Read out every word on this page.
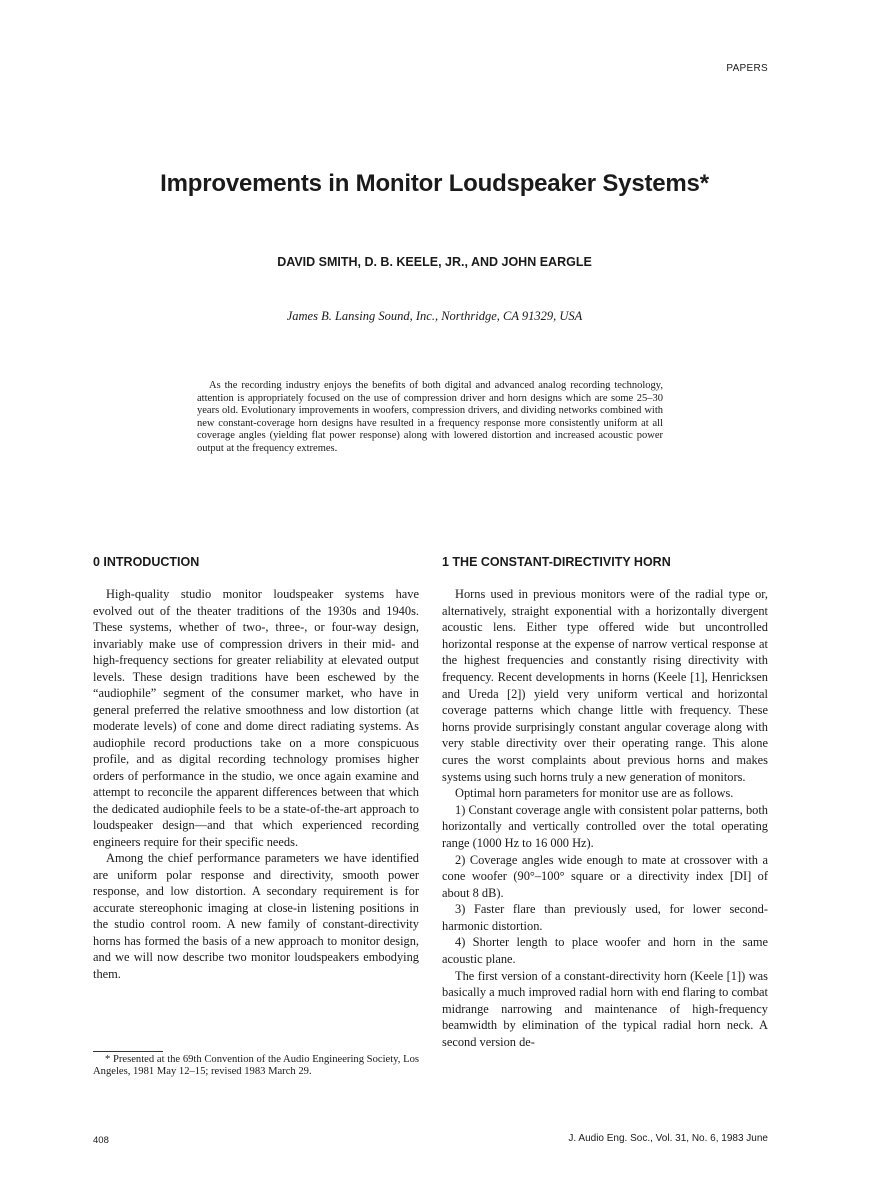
PAPERS
Improvements in Monitor Loudspeaker Systems*
DAVID SMITH, D. B. KEELE, JR., AND JOHN EARGLE
James B. Lansing Sound, Inc., Northridge, CA 91329, USA

As the recording industry enjoys the benefits of both digital and advanced analog recording technology, attention is appropriately focused on the use of compression driver and horn designs which are some 25–30 years old. Evolutionary improvements in woofers, compression drivers, and dividing networks combined with new constant-coverage horn designs have resulted in a frequency response more consistently uniform at all coverage angles (yielding flat power response) along with lowered distortion and increased acoustic power output at the frequency extremes.

0 INTRODUCTION

High-quality studio monitor loudspeaker systems have evolved out of the theater traditions of the 1930s and 1940s. These systems, whether of two-, three-, or four-way design, invariably make use of compression drivers in their mid- and high-frequency sections for greater reliability at elevated output levels. These design traditions have been eschewed by the “audiophile” segment of the consumer market, who have in general preferred the relative smoothness and low distortion (at moderate levels) of cone and dome direct radiating systems. As audiophile record productions take on a more conspicuous profile, and as digital recording technology promises higher orders of performance in the studio, we once again examine and attempt to reconcile the apparent differences between that which the dedicated audiophile feels to be a state-of-the-art approach to loudspeaker design—and that which experienced recording engineers require for their specific needs.

Among the chief performance parameters we have identified are uniform polar response and directivity, smooth power response, and low distortion. A secondary requirement is for accurate stereophonic imaging at close-in listening positions in the studio control room. A new family of constant-directivity horns has formed the basis of a new approach to monitor design, and we will now describe two monitor loudspeakers embodying them.

* Presented at the 69th Convention of the Audio Engineering Society, Los Angeles, 1981 May 12–15; revised 1983 March 29.

1 THE CONSTANT-DIRECTIVITY HORN

Horns used in previous monitors were of the radial type or, alternatively, straight exponential with a horizontally divergent acoustic lens. Either type offered wide but uncontrolled horizontal response at the expense of narrow vertical response at the highest frequencies and constantly rising directivity with frequency. Recent developments in horns (Keele [1], Henricksen and Ureda [2]) yield very uniform vertical and horizontal coverage patterns which change little with frequency. These horns provide surprisingly constant angular coverage along with very stable directivity over their operating range. This alone cures the worst complaints about previous horns and makes systems using such horns truly a new generation of monitors.

Optimal horn parameters for monitor use are as follows.

1) Constant coverage angle with consistent polar patterns, both horizontally and vertically controlled over the total operating range (1000 Hz to 16 000 Hz).

2) Coverage angles wide enough to mate at crossover with a cone woofer (90°–100° square or a directivity index [DI] of about 8 dB).

3) Faster flare than previously used, for lower second-harmonic distortion.

4) Shorter length to place woofer and horn in the same acoustic plane.

The first version of a constant-directivity horn (Keele [1]) was basically a much improved radial horn with end flaring to combat midrange narrowing and maintenance of high-frequency beamwidth by elimination of the typical radial horn neck. A second version de-

408	J. Audio Eng. Soc., Vol. 31, No. 6, 1983 June
